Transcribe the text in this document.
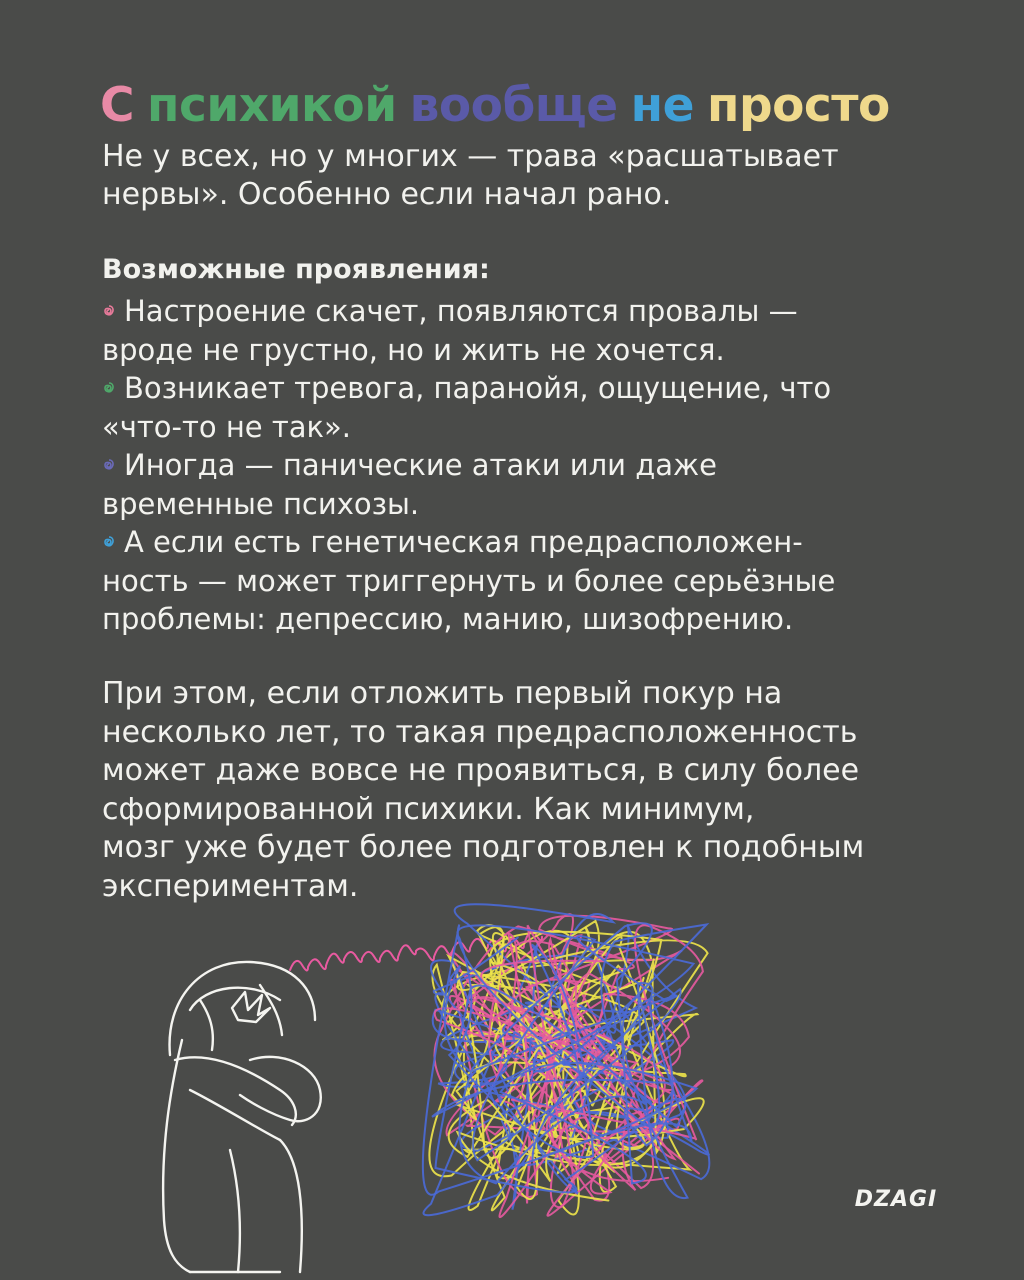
С психикой вообще не просто

Не у всех, но у многих — трава «расшатывает
нервы». Особенно если начал рано.

Возможные проявления:
Настроение скачет, появляются провалы —
вроде не грустно, но и жить не хочется.
Возникает тревога, паранойя, ощущение, что
«что-то не так».
Иногда — панические атаки или даже
временные психозы.
А если есть генетическая предрасположен-
ность — может триггернуть и более серьёзные
проблемы: депрессию, манию, шизофрению.

При этом, если отложить первый покур на
несколько лет, то такая предрасположенность
может даже вовсе не проявиться, в силу более
сформированной психики. Как минимум,
мозг уже будет более подготовлен к подобным
экспериментам.

DZAGI
